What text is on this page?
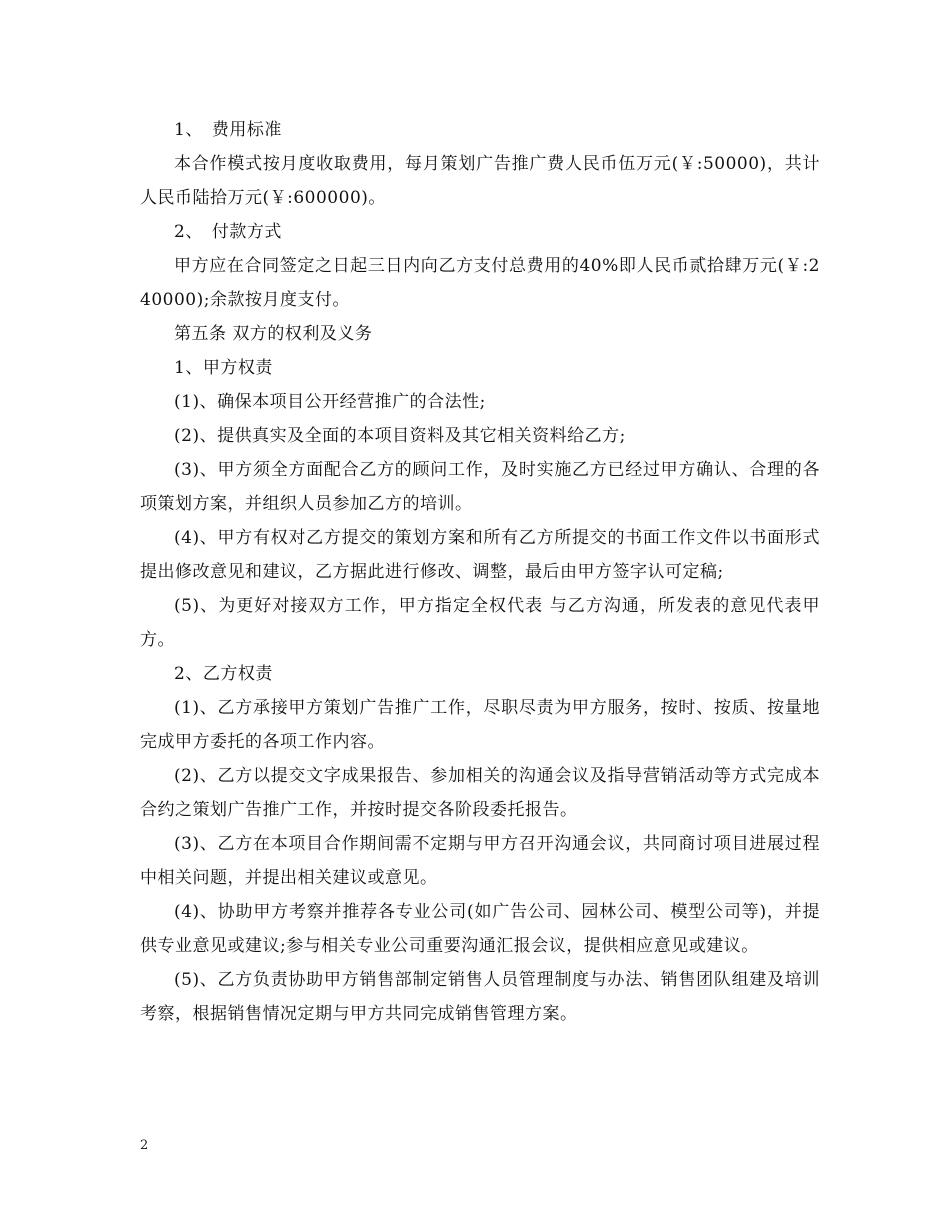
1、　费用标准

本合作模式按月度收取费用，每月策划广告推广费人民币伍万元(￥:50000)，共计人民币陆拾万元(￥:600000)。

2、　付款方式

甲方应在合同签定之日起三日内向乙方支付总费用的40%即人民币贰拾肆万元(￥:240000);余款按月度支付。

第五条 双方的权利及义务

1、甲方权责

(1)、确保本项目公开经营推广的合法性;

(2)、提供真实及全面的本项目资料及其它相关资料给乙方;

(3)、甲方须全方面配合乙方的顾问工作，及时实施乙方已经过甲方确认、合理的各项策划方案，并组织人员参加乙方的培训。

(4)、甲方有权对乙方提交的策划方案和所有乙方所提交的书面工作文件以书面形式提出修改意见和建议，乙方据此进行修改、调整，最后由甲方签字认可定稿;

(5)、为更好对接双方工作，甲方指定全权代表 与乙方沟通，所发表的意见代表甲方。

2、乙方权责

(1)、乙方承接甲方策划广告推广工作，尽职尽责为甲方服务，按时、按质、按量地完成甲方委托的各项工作内容。

(2)、乙方以提交文字成果报告、参加相关的沟通会议及指导营销活动等方式完成本合约之策划广告推广工作，并按时提交各阶段委托报告。

(3)、乙方在本项目合作期间需不定期与甲方召开沟通会议，共同商讨项目进展过程中相关问题，并提出相关建议或意见。

(4)、协助甲方考察并推荐各专业公司(如广告公司、园林公司、模型公司等)，并提供专业意见或建议;参与相关专业公司重要沟通汇报会议，提供相应意见或建议。

(5)、乙方负责协助甲方销售部制定销售人员管理制度与办法、销售团队组建及培训考察，根据销售情况定期与甲方共同完成销售管理方案。

2
